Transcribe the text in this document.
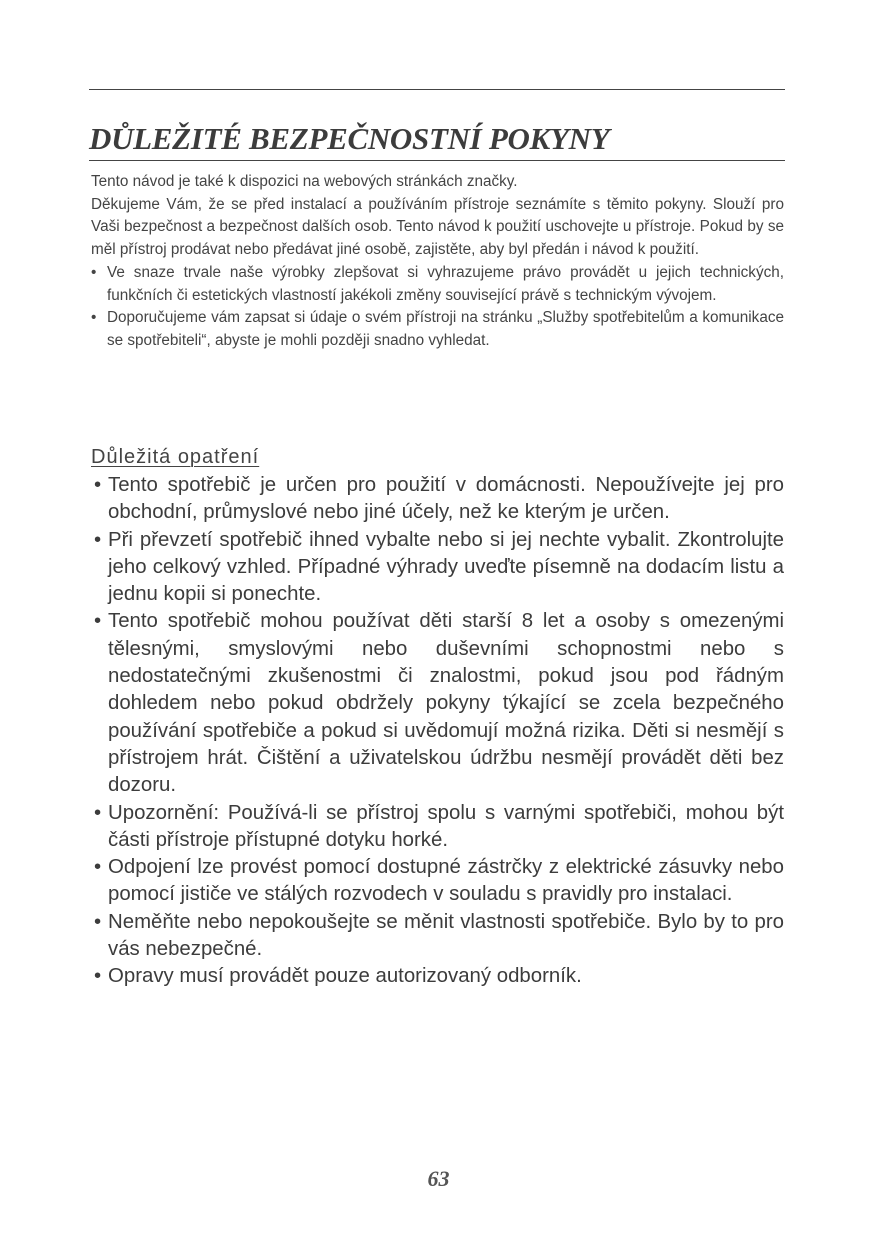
DŮLEŽITÉ BEZPEČNOSTNÍ POKYNY

Tento návod je také k dispozici na webových stránkách značky.

Děkujeme Vám, že se před instalací a používáním přístroje seznámíte s těmito pokyny. Slouží pro Vaši bezpečnost a bezpečnost dalších osob. Tento návod k použití uschovejte u přístroje. Pokud by se měl přístroj prodávat nebo předávat jiné osobě, zajistěte, aby byl předán i návod k použití.

• Ve snaze trvale naše výrobky zlepšovat si vyhrazujeme právo provádět u jejich technických, funkčních či estetických vlastností jakékoli změny související právě s technickým vývojem.
• Doporučujeme vám zapsat si údaje o svém přístroji na stránku „Služby spotřebitelům a komunikace se spotřebiteli“, abyste je mohli později snadno vyhledat.
Důležitá opatření
• Tento spotřebič je určen pro použití v domácnosti. Nepoužívejte jej pro obchodní, průmyslové nebo jiné účely, než ke kterým je určen.
• Při převzetí spotřebič ihned vybalte nebo si jej nechte vybalit. Zkontrolujte jeho celkový vzhled. Případné výhrady uveďte písemně na dodacím listu a jednu kopii si ponechte.
• Tento spotřebič mohou používat děti starší 8 let a osoby s omezenými tělesnými, smyslovými nebo duševními schopnostmi nebo s nedostatečnými zkušenostmi či znalostmi, pokud jsou pod řádným dohledem nebo pokud obdržely pokyny týkající se zcela bezpečného používání spotřebiče a pokud si uvědomují možná rizika. Děti si nesmějí s přístrojem hrát. Čištění a uživatelskou údržbu nesmějí provádět děti bez dozoru.
• Upozornění: Používá-li se přístroj spolu s varnými spotřebiči, mohou být části přístroje přístupné dotyku horké.
• Odpojení lze provést pomocí dostupné zástrčky z elektrické zásuvky nebo pomocí jističe ve stálých rozvodech v souladu s pravidly pro instalaci.
• Neměňte nebo nepokoušejte se měnit vlastnosti spotřebiče. Bylo by to pro vás nebezpečné.
• Opravy musí provádět pouze autorizovaný odborník.
63
